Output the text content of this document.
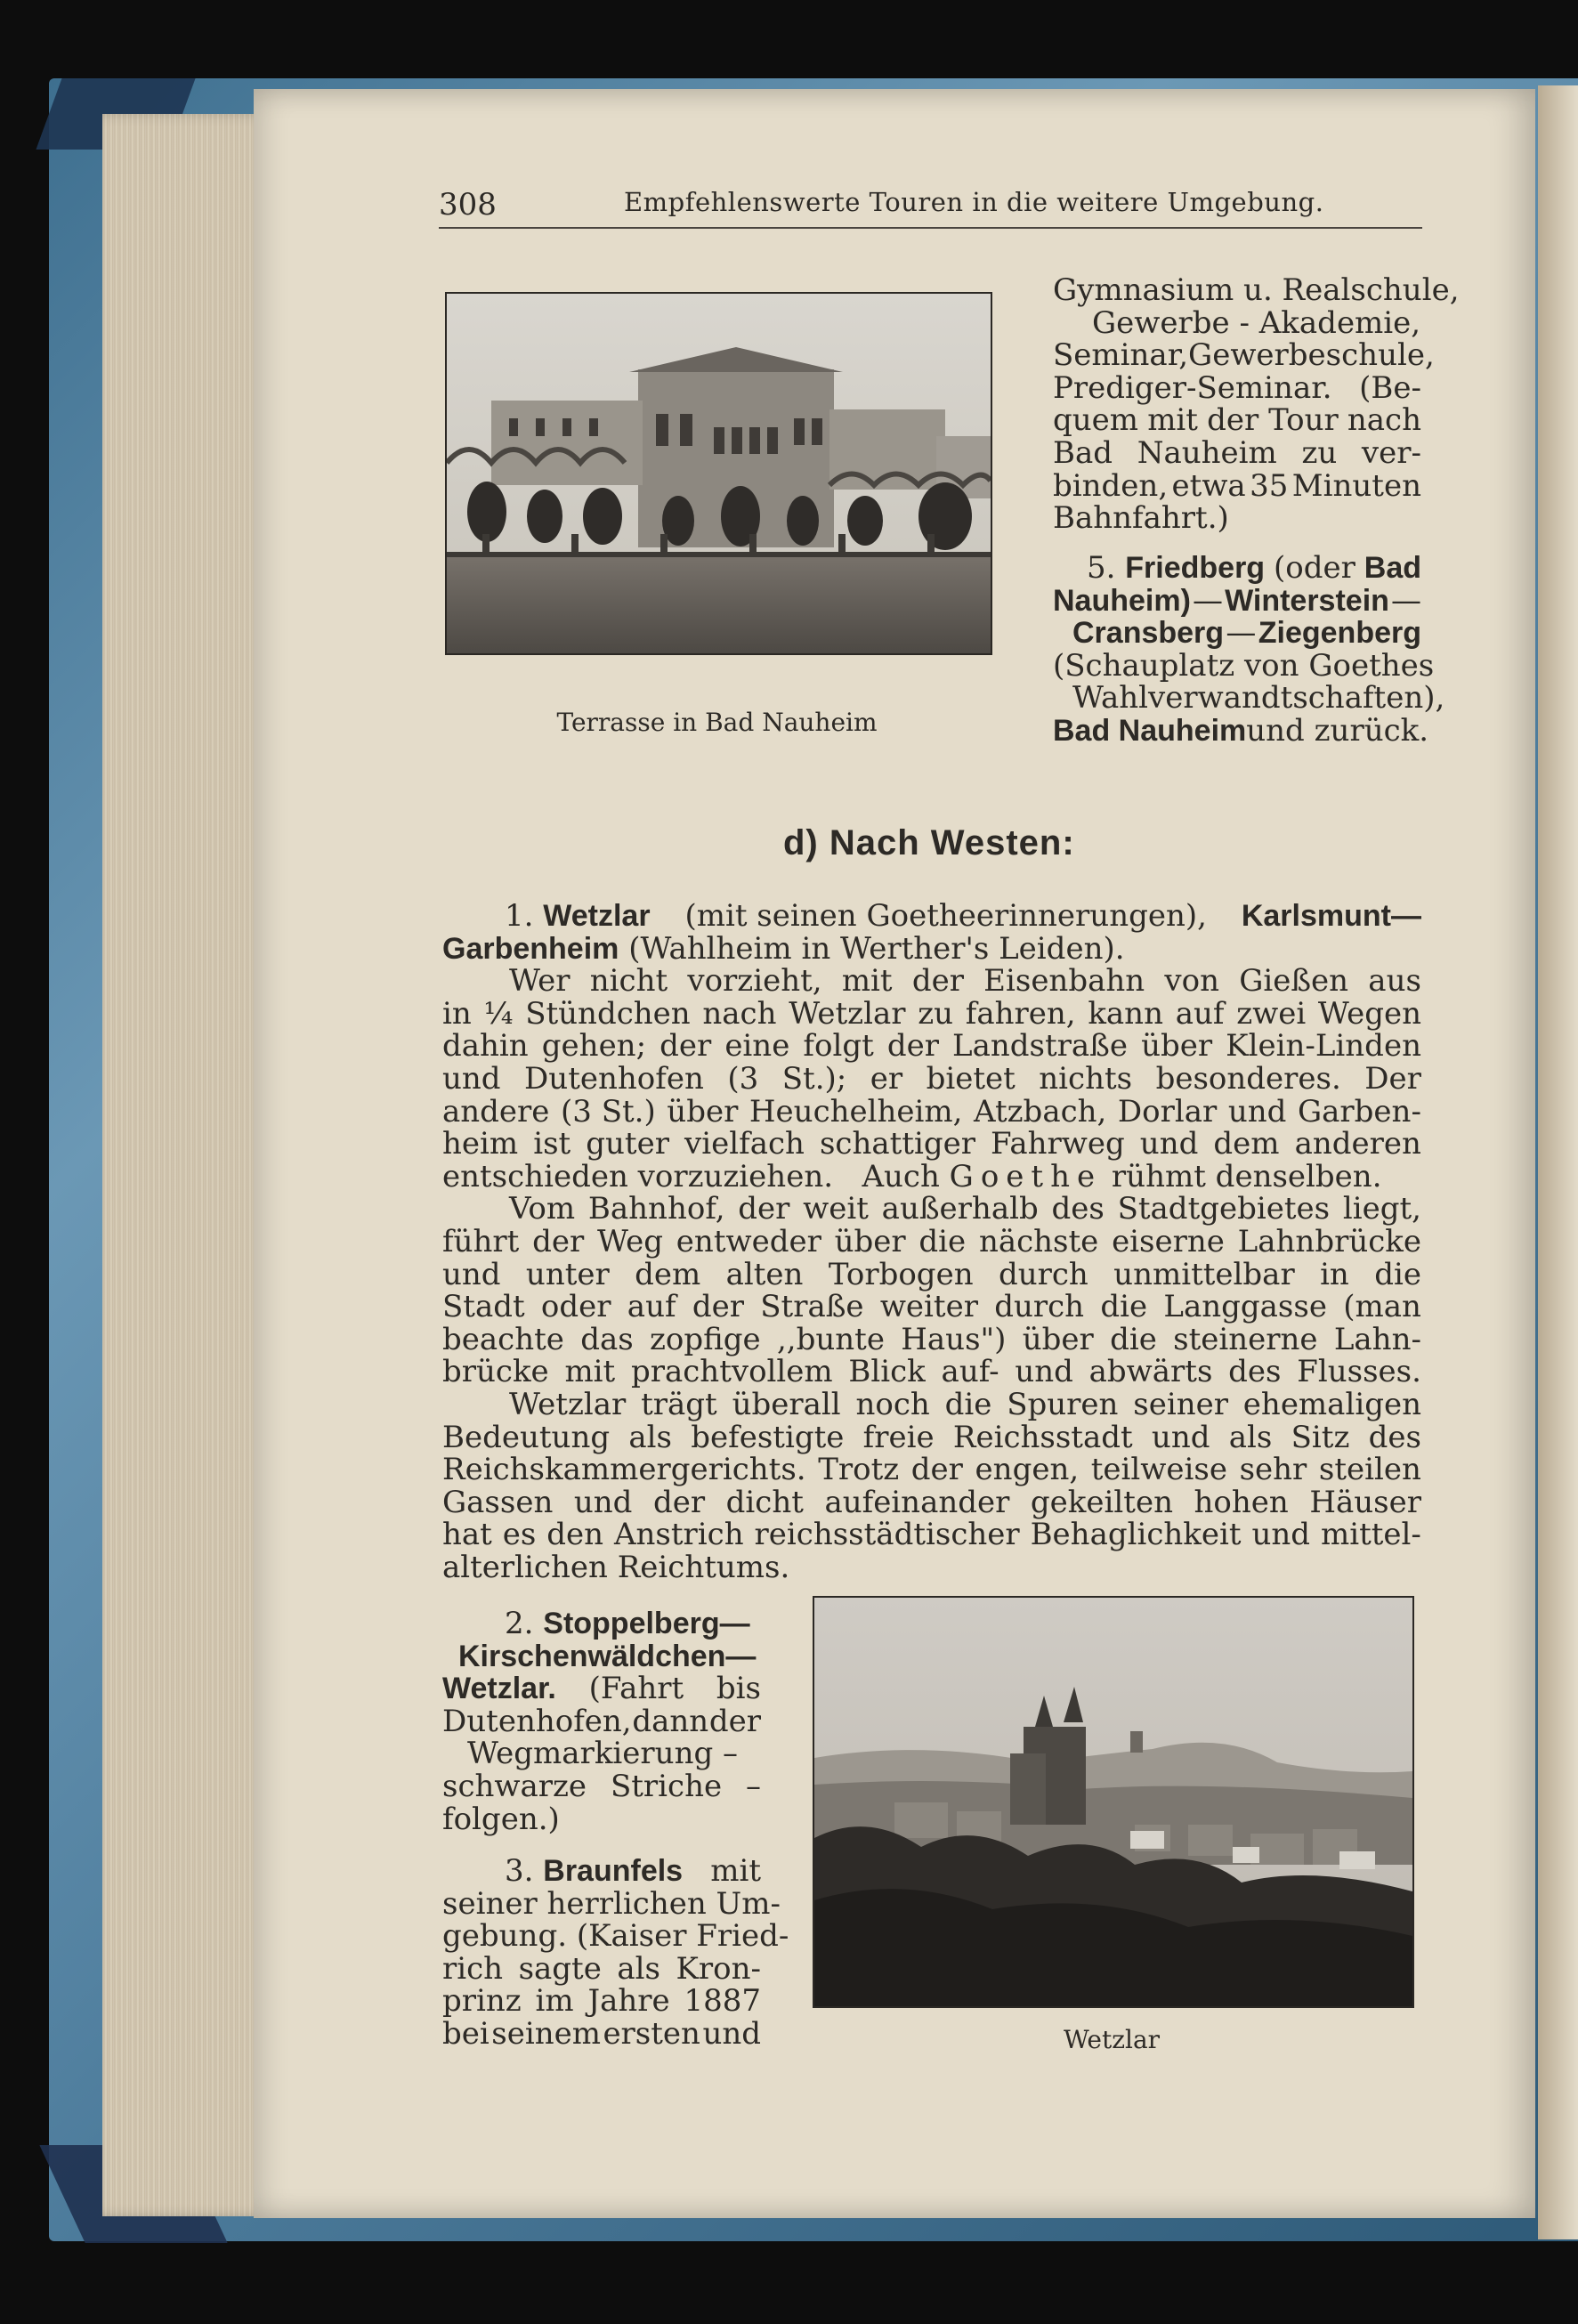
308	Empfehlenswerte Touren in die weitere Umgebung.
Terrasse in Bad Nauheim
Gymnasium u. Realschule,
Gewerbe - Akademie,
Seminar, Gewerbeschule,
Prediger-Seminar. (Be-
quem mit der Tour nach
Bad Nauheim zu ver-
binden, etwa 35 Minuten
Bahnfahrt.)
5. Friedberg (oder Bad
Nauheim) — Winterstein —
Cransberg — Ziegenberg
(Schauplatz von Goethes
Wahlverwandtschaften),
Bad Nauheim und zurück.
d) Nach Westen:
1. Wetzlar (mit seinen Goetheerinnerungen), Karlsmunt—
Garbenheim (Wahlheim in Werther's Leiden).
Wer nicht vorzieht, mit der Eisenbahn von Gießen aus
in ¼ Stündchen nach Wetzlar zu fahren, kann auf zwei Wegen
dahin gehen; der eine folgt der Landstraße über Klein-Linden
und Dutenhofen (3 St.); er bietet nichts besonderes. Der
andere (3 St.) über Heuchelheim, Atzbach, Dorlar und Garben-
heim ist guter vielfach schattiger Fahrweg und dem anderen
entschieden vorzuziehen. Auch Goethe rühmt denselben.
Vom Bahnhof, der weit außerhalb des Stadtgebietes liegt,
führt der Weg entweder über die nächste eiserne Lahnbrücke
und unter dem alten Torbogen durch unmittelbar in die
Stadt oder auf der Straße weiter durch die Langgasse (man
beachte das zopfige ,,bunte Haus") über die steinerne Lahn-
brücke mit prachtvollem Blick auf- und abwärts des Flusses.
Wetzlar trägt überall noch die Spuren seiner ehemaligen
Bedeutung als befestigte freie Reichsstadt und als Sitz des
Reichskammergerichts. Trotz der engen, teilweise sehr steilen
Gassen und der dicht aufeinander gekeilten hohen Häuser
hat es den Anstrich reichsstädtischer Behaglichkeit und mittel-
alterlichen Reichtums.
2. Stoppelberg—
Kirschenwäldchen—
Wetzlar. (Fahrt bis
Dutenhofen, dann der
Wegmarkierung –
schwarze Striche –
folgen.)
3. Braunfels mit
seiner herrlichen Um-
gebung. (Kaiser Fried-
rich sagte als Kron-
prinz im Jahre 1887
bei seinem ersten und	Wetzlar
